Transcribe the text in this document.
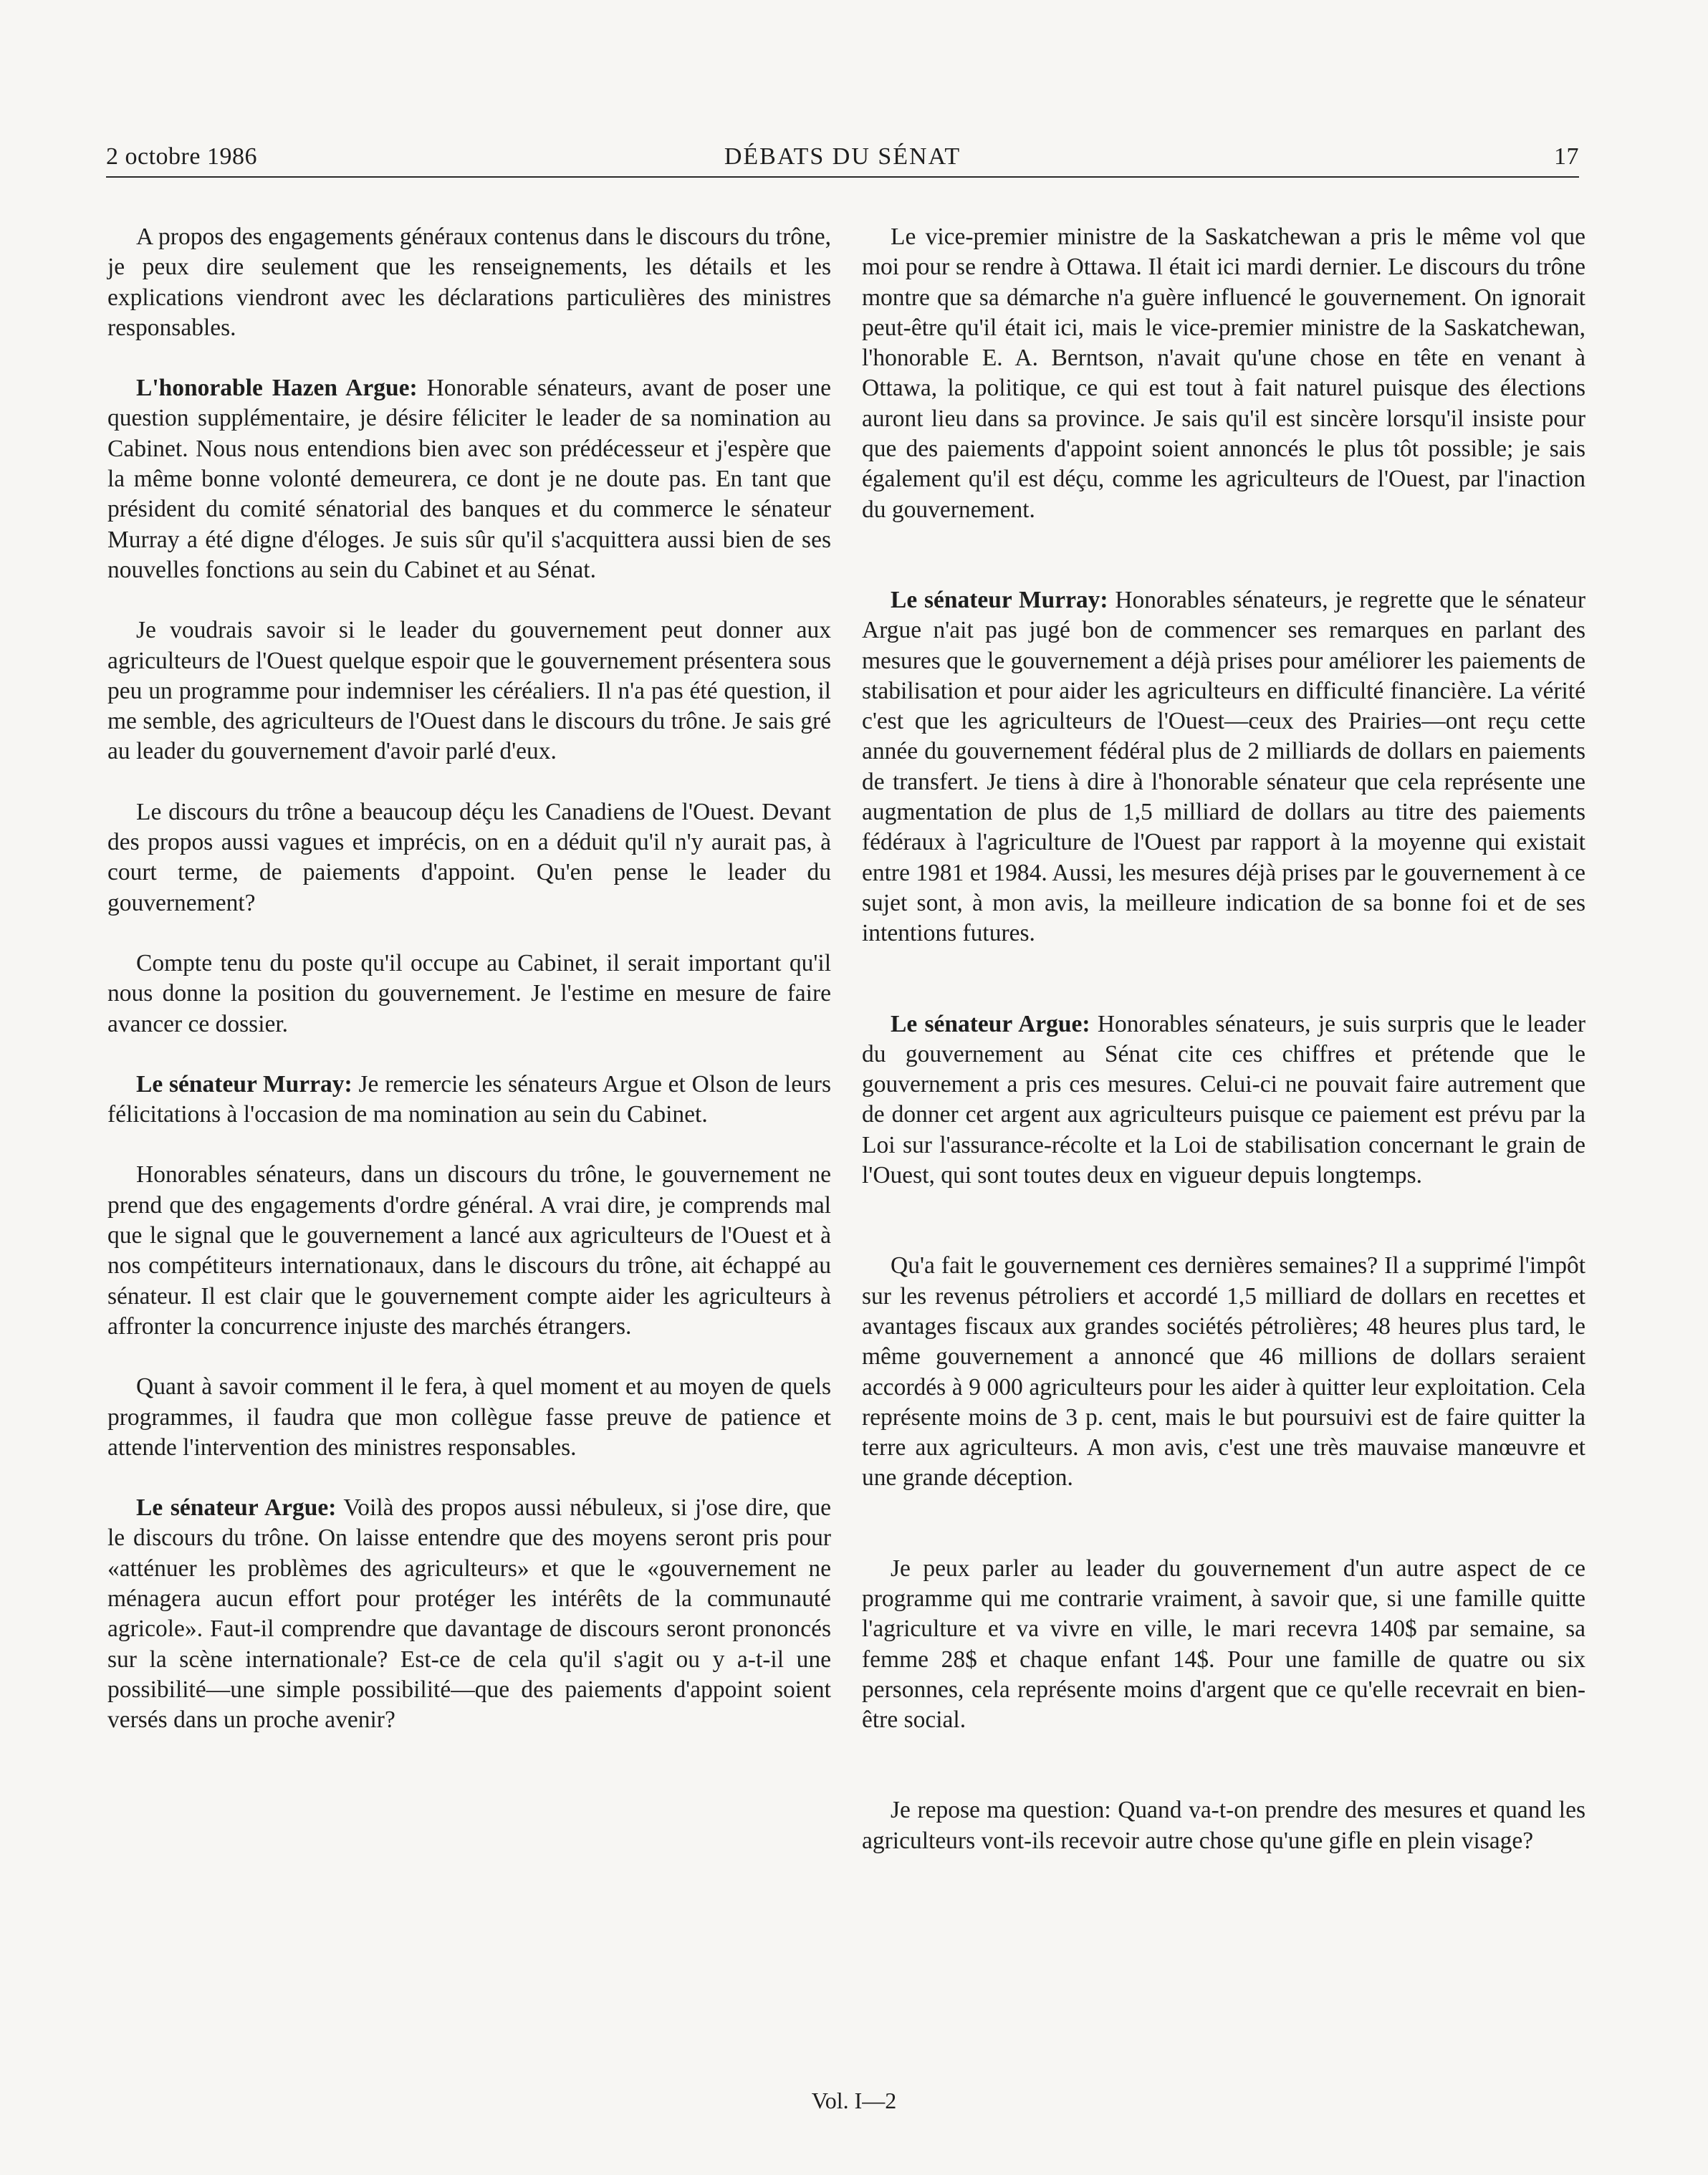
2 octobre 1986	DÉBATS DU SÉNAT	17

A propos des engagements généraux contenus dans le discours du trône, je peux dire seulement que les renseignements, les détails et les explications viendront avec les déclarations particulières des ministres responsables.

L'honorable Hazen Argue: Honorable sénateurs, avant de poser une question supplémentaire, je désire féliciter le leader de sa nomination au Cabinet. Nous nous entendions bien avec son prédécesseur et j'espère que la même bonne volonté demeurera, ce dont je ne doute pas. En tant que président du comité sénatorial des banques et du commerce le sénateur Murray a été digne d'éloges. Je suis sûr qu'il s'acquittera aussi bien de ses nouvelles fonctions au sein du Cabinet et au Sénat.

Je voudrais savoir si le leader du gouvernement peut donner aux agriculteurs de l'Ouest quelque espoir que le gouvernement présentera sous peu un programme pour indemniser les céréaliers. Il n'a pas été question, il me semble, des agriculteurs de l'Ouest dans le discours du trône. Je sais gré au leader du gouvernement d'avoir parlé d'eux.

Le discours du trône a beaucoup déçu les Canadiens de l'Ouest. Devant des propos aussi vagues et imprécis, on en a déduit qu'il n'y aurait pas, à court terme, de paiements d'appoint. Qu'en pense le leader du gouvernement?

Compte tenu du poste qu'il occupe au Cabinet, il serait important qu'il nous donne la position du gouvernement. Je l'estime en mesure de faire avancer ce dossier.

Le sénateur Murray: Je remercie les sénateurs Argue et Olson de leurs félicitations à l'occasion de ma nomination au sein du Cabinet.

Honorables sénateurs, dans un discours du trône, le gouvernement ne prend que des engagements d'ordre général. A vrai dire, je comprends mal que le signal que le gouvernement a lancé aux agriculteurs de l'Ouest et à nos compétiteurs internationaux, dans le discours du trône, ait échappé au sénateur. Il est clair que le gouvernement compte aider les agriculteurs à affronter la concurrence injuste des marchés étrangers.

Quant à savoir comment il le fera, à quel moment et au moyen de quels programmes, il faudra que mon collègue fasse preuve de patience et attende l'intervention des ministres responsables.

Le sénateur Argue: Voilà des propos aussi nébuleux, si j'ose dire, que le discours du trône. On laisse entendre que des moyens seront pris pour «atténuer les problèmes des agriculteurs» et que le «gouvernement ne ménagera aucun effort pour protéger les intérêts de la communauté agricole». Faut-il comprendre que davantage de discours seront prononcés sur la scène internationale? Est-ce de cela qu'il s'agit ou y a-t-il une possibilité—une simple possibilité—que des paiements d'appoint soient versés dans un proche avenir?

Le vice-premier ministre de la Saskatchewan a pris le même vol que moi pour se rendre à Ottawa. Il était ici mardi dernier. Le discours du trône montre que sa démarche n'a guère influencé le gouvernement. On ignorait peut-être qu'il était ici, mais le vice-premier ministre de la Saskatchewan, l'honorable E. A. Berntson, n'avait qu'une chose en tête en venant à Ottawa, la politique, ce qui est tout à fait naturel puisque des élections auront lieu dans sa province. Je sais qu'il est sincère lorsqu'il insiste pour que des paiements d'appoint soient annoncés le plus tôt possible; je sais également qu'il est déçu, comme les agriculteurs de l'Ouest, par l'inaction du gouvernement.

Le sénateur Murray: Honorables sénateurs, je regrette que le sénateur Argue n'ait pas jugé bon de commencer ses remarques en parlant des mesures que le gouvernement a déjà prises pour améliorer les paiements de stabilisation et pour aider les agriculteurs en difficulté financière. La vérité c'est que les agriculteurs de l'Ouest—ceux des Prairies—ont reçu cette année du gouvernement fédéral plus de 2 milliards de dollars en paiements de transfert. Je tiens à dire à l'honorable sénateur que cela représente une augmentation de plus de 1,5 milliard de dollars au titre des paiements fédéraux à l'agriculture de l'Ouest par rapport à la moyenne qui existait entre 1981 et 1984. Aussi, les mesures déjà prises par le gouvernement à ce sujet sont, à mon avis, la meilleure indication de sa bonne foi et de ses intentions futures.

Le sénateur Argue: Honorables sénateurs, je suis surpris que le leader du gouvernement au Sénat cite ces chiffres et prétende que le gouvernement a pris ces mesures. Celui-ci ne pouvait faire autrement que de donner cet argent aux agriculteurs puisque ce paiement est prévu par la Loi sur l'assurance-récolte et la Loi de stabilisation concernant le grain de l'Ouest, qui sont toutes deux en vigueur depuis longtemps.

Qu'a fait le gouvernement ces dernières semaines? Il a supprimé l'impôt sur les revenus pétroliers et accordé 1,5 milliard de dollars en recettes et avantages fiscaux aux grandes sociétés pétrolières; 48 heures plus tard, le même gouvernement a annoncé que 46 millions de dollars seraient accordés à 9 000 agriculteurs pour les aider à quitter leur exploitation. Cela représente moins de 3 p. cent, mais le but poursuivi est de faire quitter la terre aux agriculteurs. A mon avis, c'est une très mauvaise manœuvre et une grande déception.

Je peux parler au leader du gouvernement d'un autre aspect de ce programme qui me contrarie vraiment, à savoir que, si une famille quitte l'agriculture et va vivre en ville, le mari recevra 140$ par semaine, sa femme 28$ et chaque enfant 14$. Pour une famille de quatre ou six personnes, cela représente moins d'argent que ce qu'elle recevrait en bien-être social.

Je repose ma question: Quand va-t-on prendre des mesures et quand les agriculteurs vont-ils recevoir autre chose qu'une gifle en plein visage?

Vol. I—2
